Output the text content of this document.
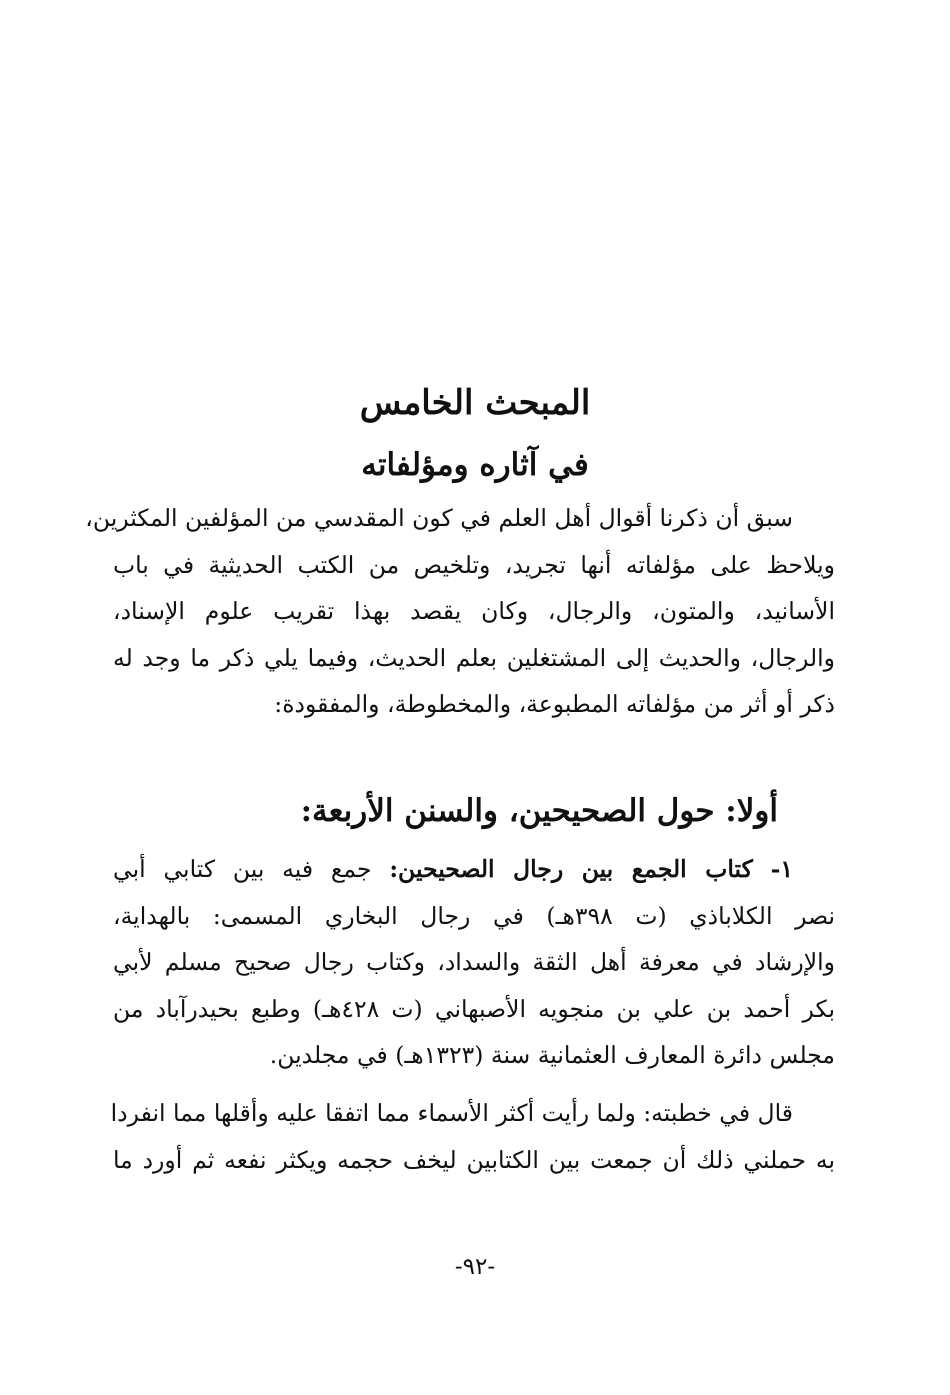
المبحث الخامس
في آثاره ومؤلفاته
سبق أن ذكرنا أقوال أهل العلم في كون المقدسي من المؤلفين المكثرين،
ويلاحظ على مؤلفاته أنها تجريد، وتلخيص من الكتب الحديثية في باب
الأسانيد، والمتون، والرجال، وكان يقصد بهذا تقريب علوم الإسناد،
والرجال، والحديث إلى المشتغلين بعلم الحديث، وفيما يلي ذكر ما وجد له
ذكر أو أثر من مؤلفاته المطبوعة، والمخطوطة، والمفقودة:
أولا: حول الصحيحين، والسنن الأربعة:
١- كتاب الجمع بين رجال الصحيحين: جمع فيه بين كتابي أبي
نصر الكلاباذي (ت ٣٩٨هـ) في رجال البخاري المسمى: بالهداية،
والإرشاد في معرفة أهل الثقة والسداد، وكتاب رجال صحيح مسلم لأبي
بكر أحمد بن علي بن منجويه الأصبهاني (ت ٤٢٨هـ) وطبع بحيدرآباد من
مجلس دائرة المعارف العثمانية سنة (١٣٢٣هـ) في مجلدين.
قال في خطبته: ولما رأيت أكثر الأسماء مما اتفقا عليه وأقلها مما انفردا
به حملني ذلك أن جمعت بين الكتابين ليخف حجمه ويكثر نفعه ثم أورد ما

-٩٢-
